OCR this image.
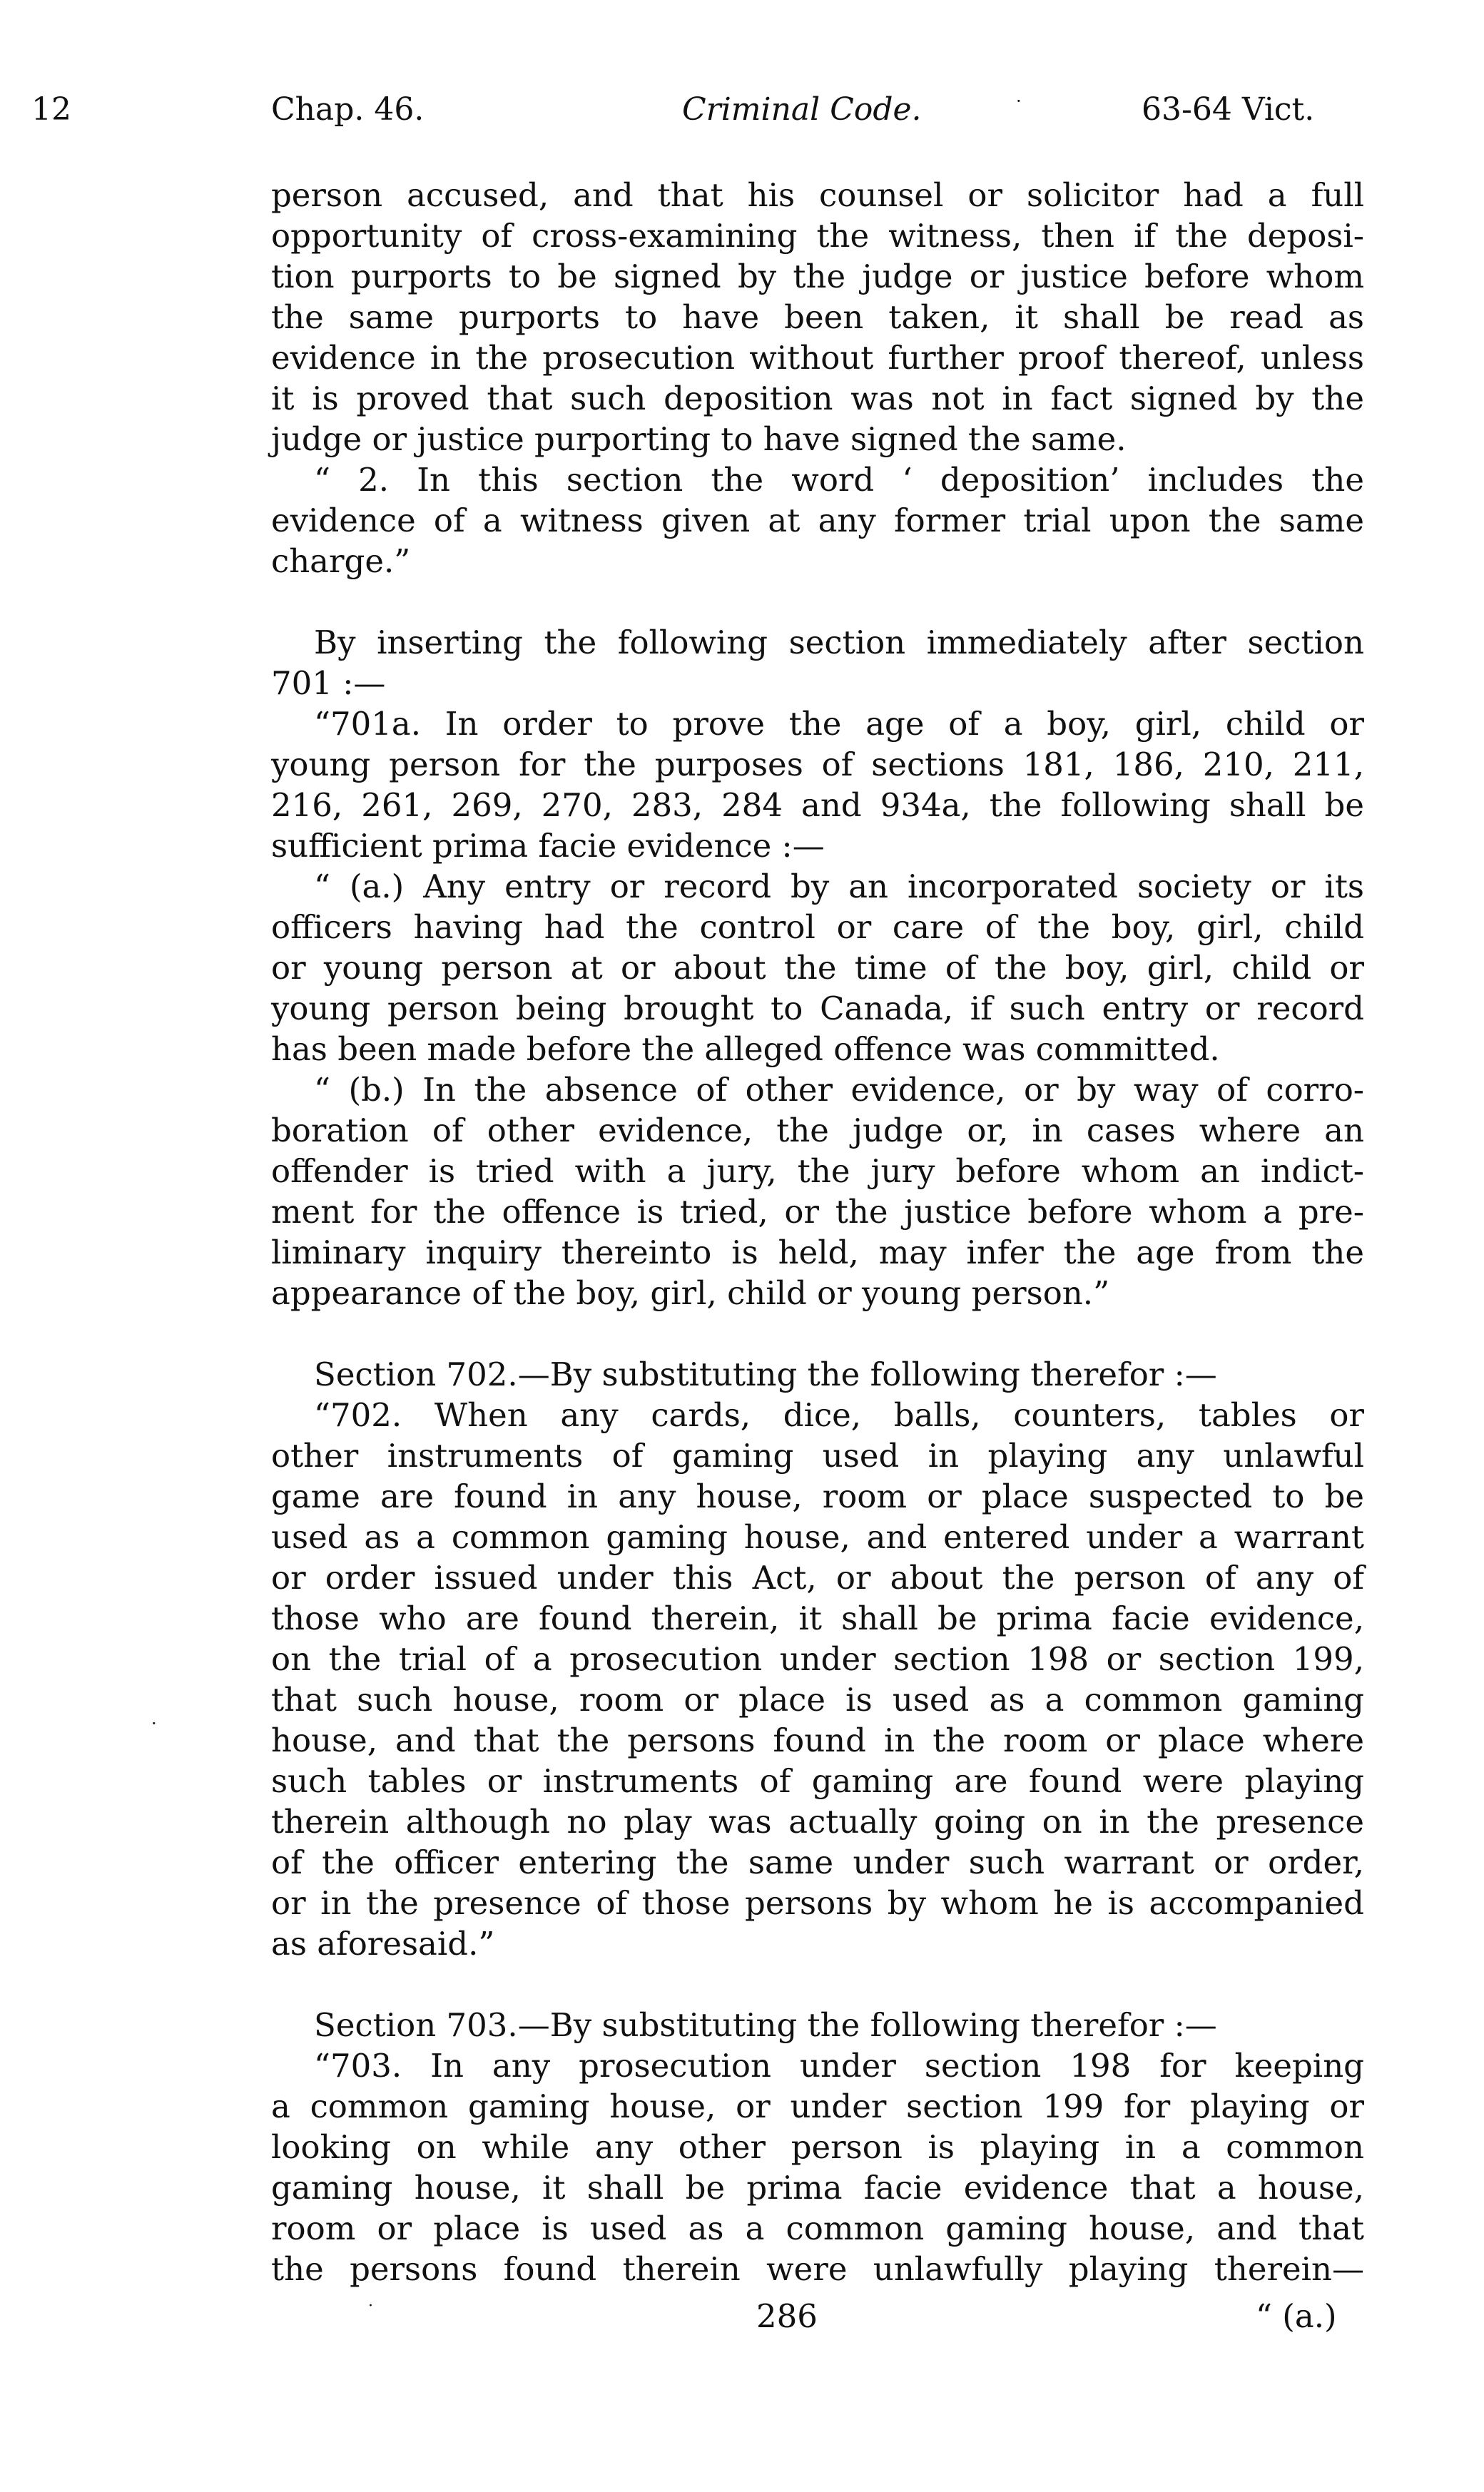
12	Chap. 46.	Criminal Code.	·	63-64 Vict.
person accused, and that his counsel or solicitor had a full
opportunity of cross-examining the witness, then if the deposi-
tion purports to be signed by the judge or justice before whom
the same purports to have been taken, it shall be read as
evidence in the prosecution without further proof thereof, unless
it is proved that such deposition was not in fact signed by the
judge or justice purporting to have signed the same.
“ 2. In this section the word ‘ deposition’ includes the
evidence of a witness given at any former trial upon the same
charge.”
By inserting the following section immediately after section
701 :—
“701a. In order to prove the age of a boy, girl, child or
young person for the purposes of sections 181, 186, 210, 211,
216, 261, 269, 270, 283, 284 and 934a, the following shall be
sufficient prima facie evidence :—
“ (a.) Any entry or record by an incorporated society or its
officers having had the control or care of the boy, girl, child
or young person at or about the time of the boy, girl, child or
young person being brought to Canada, if such entry or record
has been made before the alleged offence was committed.
“ (b.) In the absence of other evidence, or by way of corro-
boration of other evidence, the judge or, in cases where an
offender is tried with a jury, the jury before whom an indict-
ment for the offence is tried, or the justice before whom a pre-
liminary inquiry thereinto is held, may infer the age from the
appearance of the boy, girl, child or young person.”
Section 702.—By substituting the following therefor :—
“702. When any cards, dice, balls, counters, tables or
other instruments of gaming used in playing any unlawful
game are found in any house, room or place suspected to be
used as a common gaming house, and entered under a warrant
or order issued under this Act, or about the person of any of
those who are found therein, it shall be prima facie evidence,
on the trial of a prosecution under section 198 or section 199,
that such house, room or place is used as a common gaming
house, and that the persons found in the room or place where
such tables or instruments of gaming are found were playing
therein although no play was actually going on in the presence
of the officer entering the same under such warrant or order,
or in the presence of those persons by whom he is accompanied
as aforesaid.”
Section 703.—By substituting the following therefor :—
“703. In any prosecution under section 198 for keeping
a common gaming house, or under section 199 for playing or
looking on while any other person is playing in a common
gaming house, it shall be prima facie evidence that a house,
room or place is used as a common gaming house, and that
the persons found therein were unlawfully playing therein—
·
·	286	“ (a.)
